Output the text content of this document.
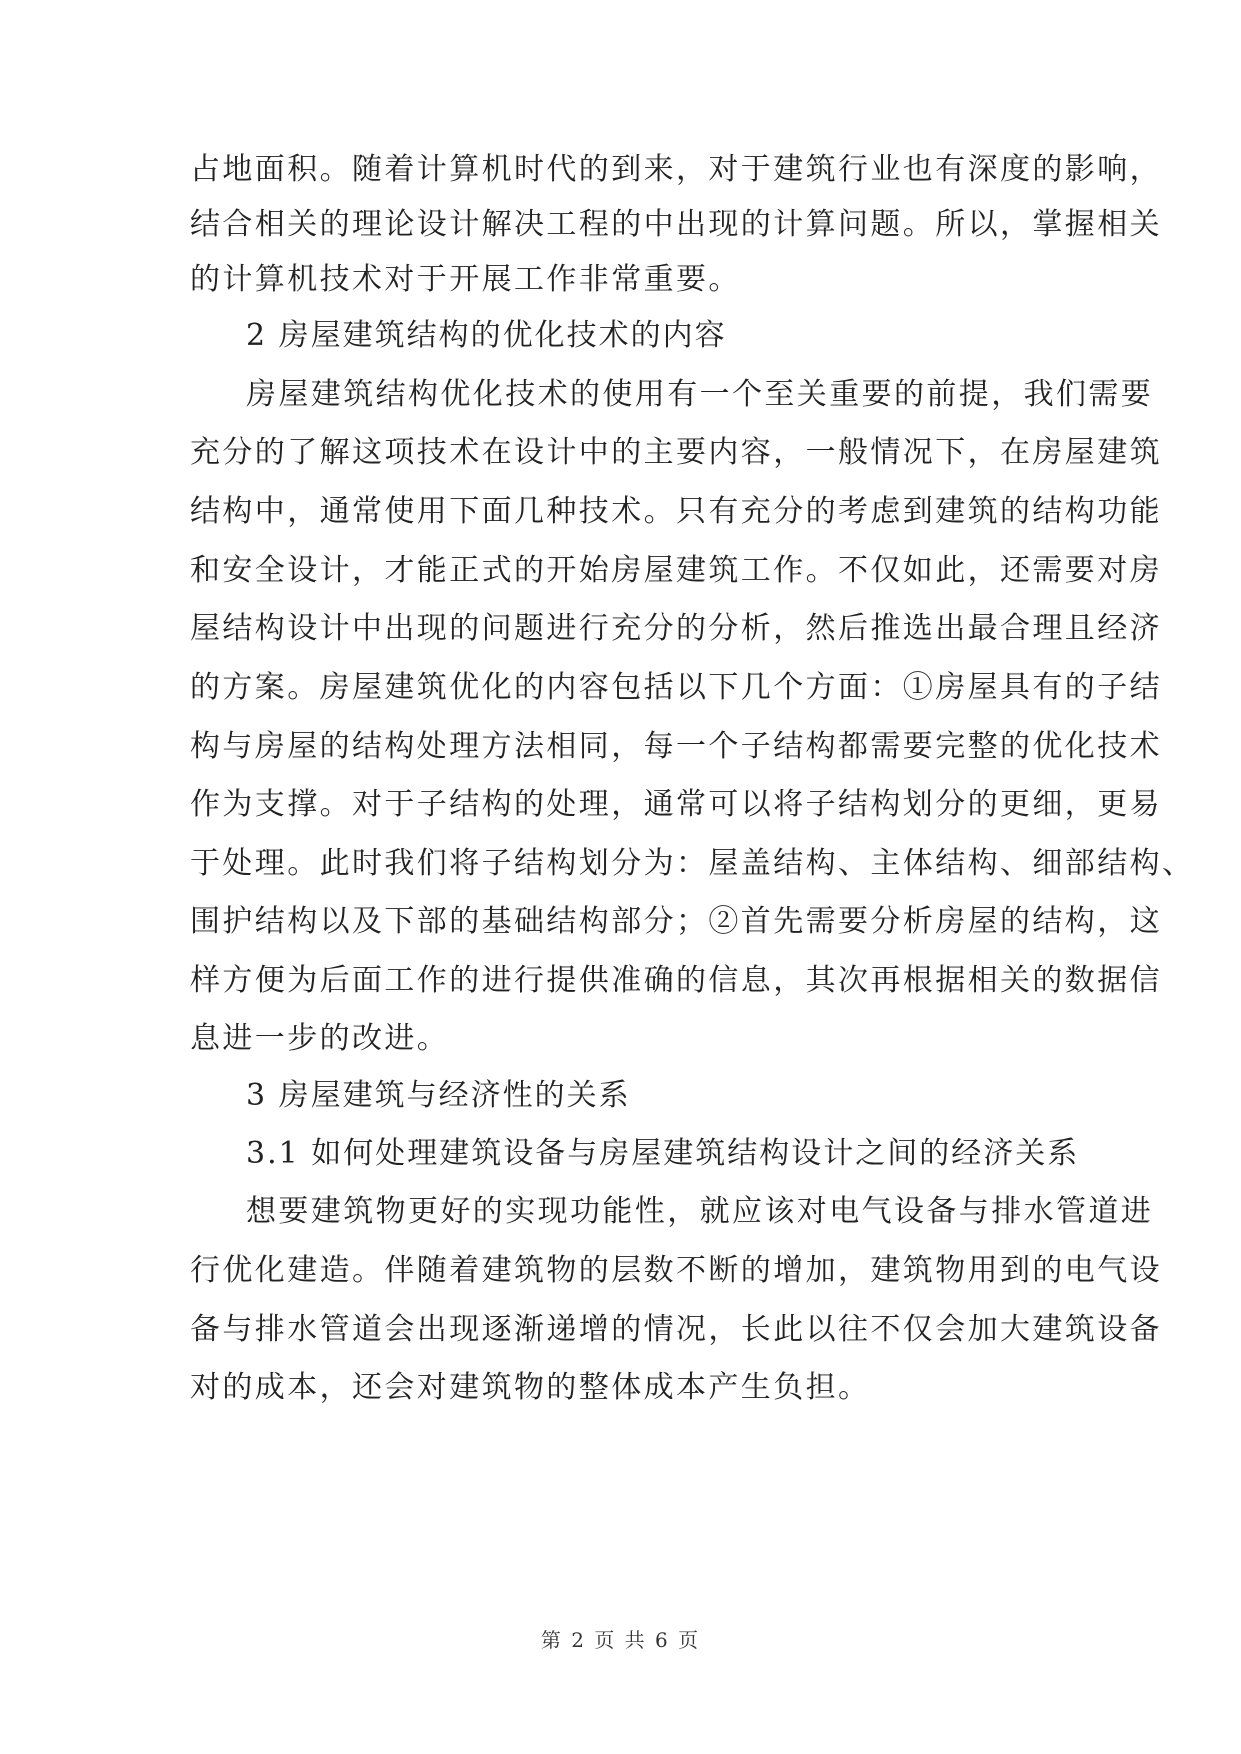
占地面积。随着计算机时代的到来，对于建筑行业也有深度的影响，
结合相关的理论设计解决工程的中出现的计算问题。所以，掌握相关
的计算机技术对于开展工作非常重要。
2 房屋建筑结构的优化技术的内容
房屋建筑结构优化技术的使用有一个至关重要的前提，我们需要
充分的了解这项技术在设计中的主要内容，一般情况下，在房屋建筑
结构中，通常使用下面几种技术。只有充分的考虑到建筑的结构功能
和安全设计，才能正式的开始房屋建筑工作。不仅如此，还需要对房
屋结构设计中出现的问题进行充分的分析，然后推选出最合理且经济
的方案。房屋建筑优化的内容包括以下几个方面：①房屋具有的子结
构与房屋的结构处理方法相同，每一个子结构都需要完整的优化技术
作为支撑。对于子结构的处理，通常可以将子结构划分的更细，更易
于处理。此时我们将子结构划分为：屋盖结构、主体结构、细部结构、
围护结构以及下部的基础结构部分；②首先需要分析房屋的结构，这
样方便为后面工作的进行提供准确的信息，其次再根据相关的数据信
息进一步的改进。
3 房屋建筑与经济性的关系
3.1 如何处理建筑设备与房屋建筑结构设计之间的经济关系
想要建筑物更好的实现功能性，就应该对电气设备与排水管道进
行优化建造。伴随着建筑物的层数不断的增加，建筑物用到的电气设
备与排水管道会出现逐渐递增的情况，长此以往不仅会加大建筑设备
对的成本，还会对建筑物的整体成本产生负担。
第 2 页 共 6 页
